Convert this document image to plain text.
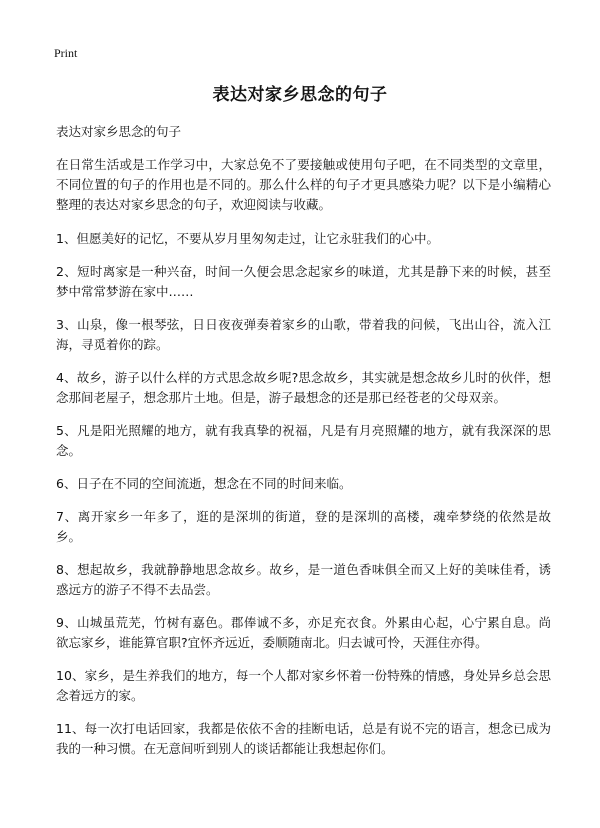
Print
表达对家乡思念的句子
表达对家乡思念的句子
在日常生活或是工作学习中，大家总免不了要接触或使用句子吧，在不同类型的文章里，不同位置的句子的作用也是不同的。那么什么样的句子才更具感染力呢？以下是小编精心整理的表达对家乡思念的句子，欢迎阅读与收藏。
1、但愿美好的记忆，不要从岁月里匆匆走过，让它永驻我们的心中。
2、短时离家是一种兴奋，时间一久便会思念起家乡的味道，尤其是静下来的时候，甚至梦中常常梦游在家中……
3、山泉，像一根琴弦，日日夜夜弹奏着家乡的山歌，带着我的问候，飞出山谷，流入江海，寻觅着你的踪。
4、故乡，游子以什么样的方式思念故乡呢?思念故乡，其实就是想念故乡儿时的伙伴，想念那间老屋子，想念那片土地。但是，游子最想念的还是那已经苍老的父母双亲。
5、凡是阳光照耀的地方，就有我真挚的祝福，凡是有月亮照耀的地方，就有我深深的思念。
6、日子在不同的空间流逝，想念在不同的时间来临。
7、离开家乡一年多了，逛的是深圳的街道，登的是深圳的高楼，魂牵梦绕的依然是故乡。
8、想起故乡，我就静静地思念故乡。故乡，是一道色香味俱全而又上好的美味佳肴，诱惑远方的游子不得不去品尝。
9、山城虽荒芜，竹树有嘉色。郡俸诚不多，亦足充衣食。外累由心起，心宁累自息。尚欲忘家乡，谁能算官职?宜怀齐远近，委顺随南北。归去诚可怜，天涯住亦得。
10、家乡，是生养我们的地方，每一个人都对家乡怀着一份特殊的情感，身处异乡总会思念着远方的家。
11、每一次打电话回家，我都是依依不舍的挂断电话，总是有说不完的语言，想念已成为我的一种习惯。在无意间听到别人的谈话都能让我想起你们。
